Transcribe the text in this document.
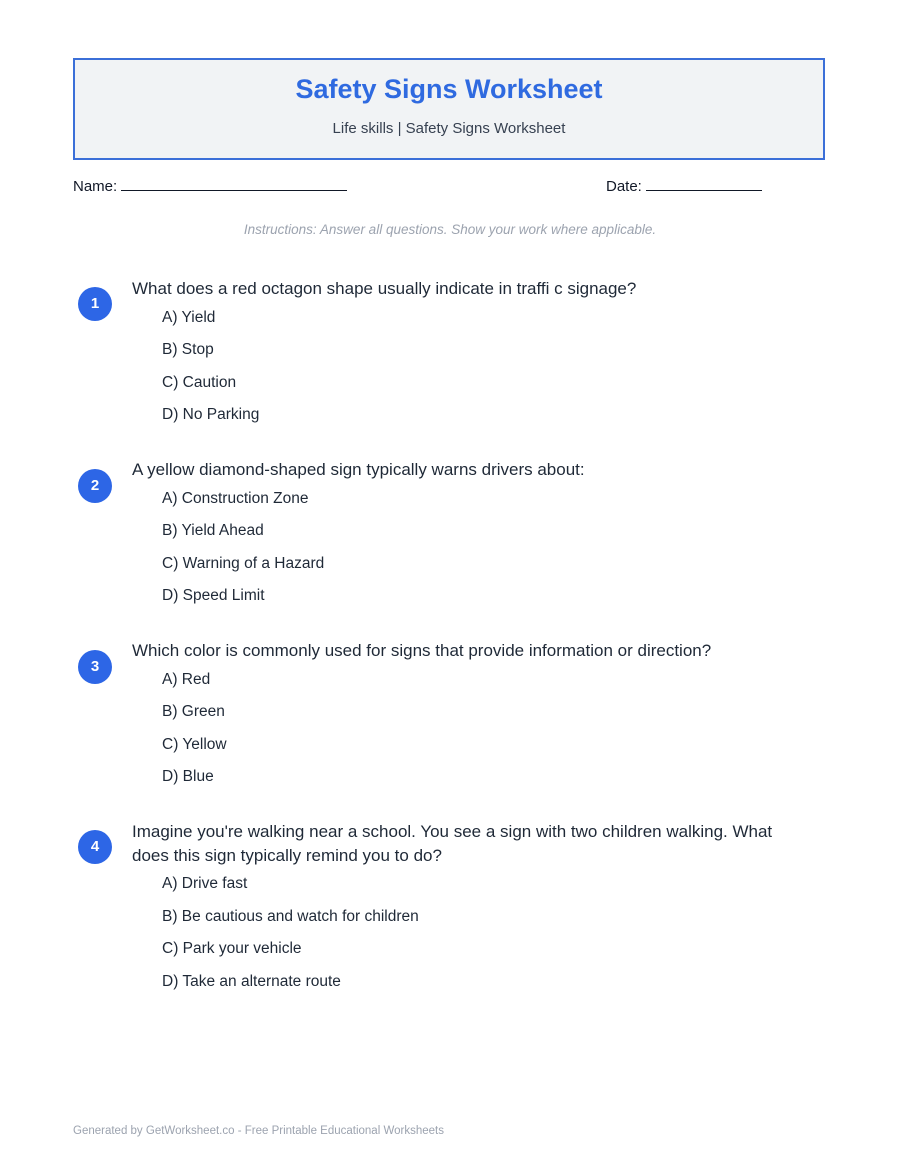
Safety Signs Worksheet
Life skills | Safety Signs Worksheet
Name:	Date:
Instructions: Answer all questions. Show your work where applicable.
1
What does a red octagon shape usually indicate in traffi c signage?
A) Yield
B) Stop
C) Caution
D) No Parking
2
A yellow diamond-shaped sign typically warns drivers about:
A) Construction Zone
B) Yield Ahead
C) Warning of a Hazard
D) Speed Limit
3
Which color is commonly used for signs that provide information or direction?
A) Red
B) Green
C) Yellow
D) Blue
4
Imagine you're walking near a school. You see a sign with two children walking. What does this sign typically remind you to do?
A) Drive fast
B) Be cautious and watch for children
C) Park your vehicle
D) Take an alternate route
Generated by GetWorksheet.co - Free Printable Educational Worksheets
